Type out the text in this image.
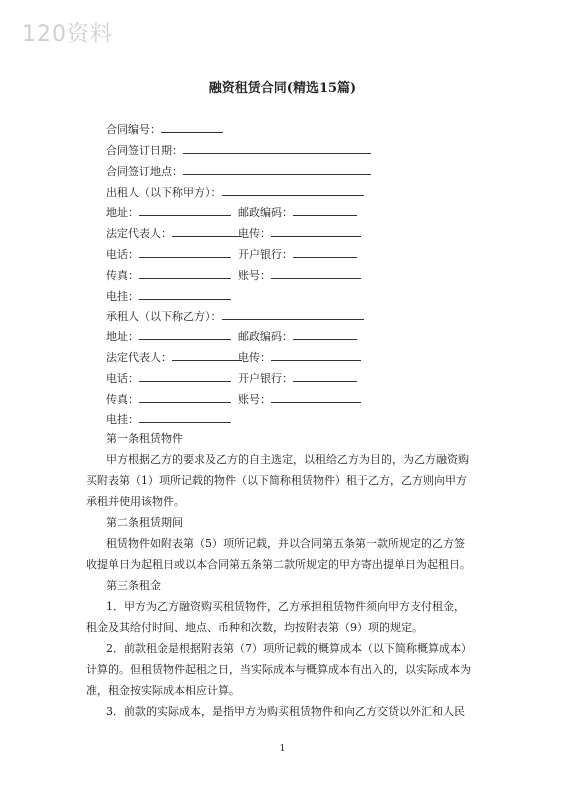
120资料
融资租赁合同(精选15篇)
合同编号：
合同签订日期：
合同签订地点：
出租人（以下称甲方）：
地址：	邮政编码：
法定代表人：	电传：
电话：	开户银行：
传真：	账号：
电挂：
承租人（以下称乙方）：
地址：	邮政编码：
法定代表人：	电传：
电话：	开户银行：
传真：	账号：
电挂：
第一条租赁物件
甲方根据乙方的要求及乙方的自主选定，以租给乙方为目的，为乙方融资购
买附表第（1）项所记载的物件（以下简称租赁物件）租于乙方，乙方则向甲方
承租并使用该物件。
第二条租赁期间
租赁物件如附表第（5）项所记载，并以合同第五条第一款所规定的乙方签
收提单日为起租日或以本合同第五条第二款所规定的甲方寄出提单日为起租日。
第三条租金
1．甲方为乙方融资购买租赁物件，乙方承担租赁物件须向甲方支付租金，
租金及其给付时间、地点、币种和次数，均按附表第（9）项的规定。
2．前款租金是根据附表第（7）项所记载的概算成本（以下简称概算成本）
计算的。但租赁物件起租之日，当实际成本与概算成本有出入的，以实际成本为
准，租金按实际成本相应计算。
3．前款的实际成本，是指甲方为购买租赁物件和向乙方交货以外汇和人民
1
